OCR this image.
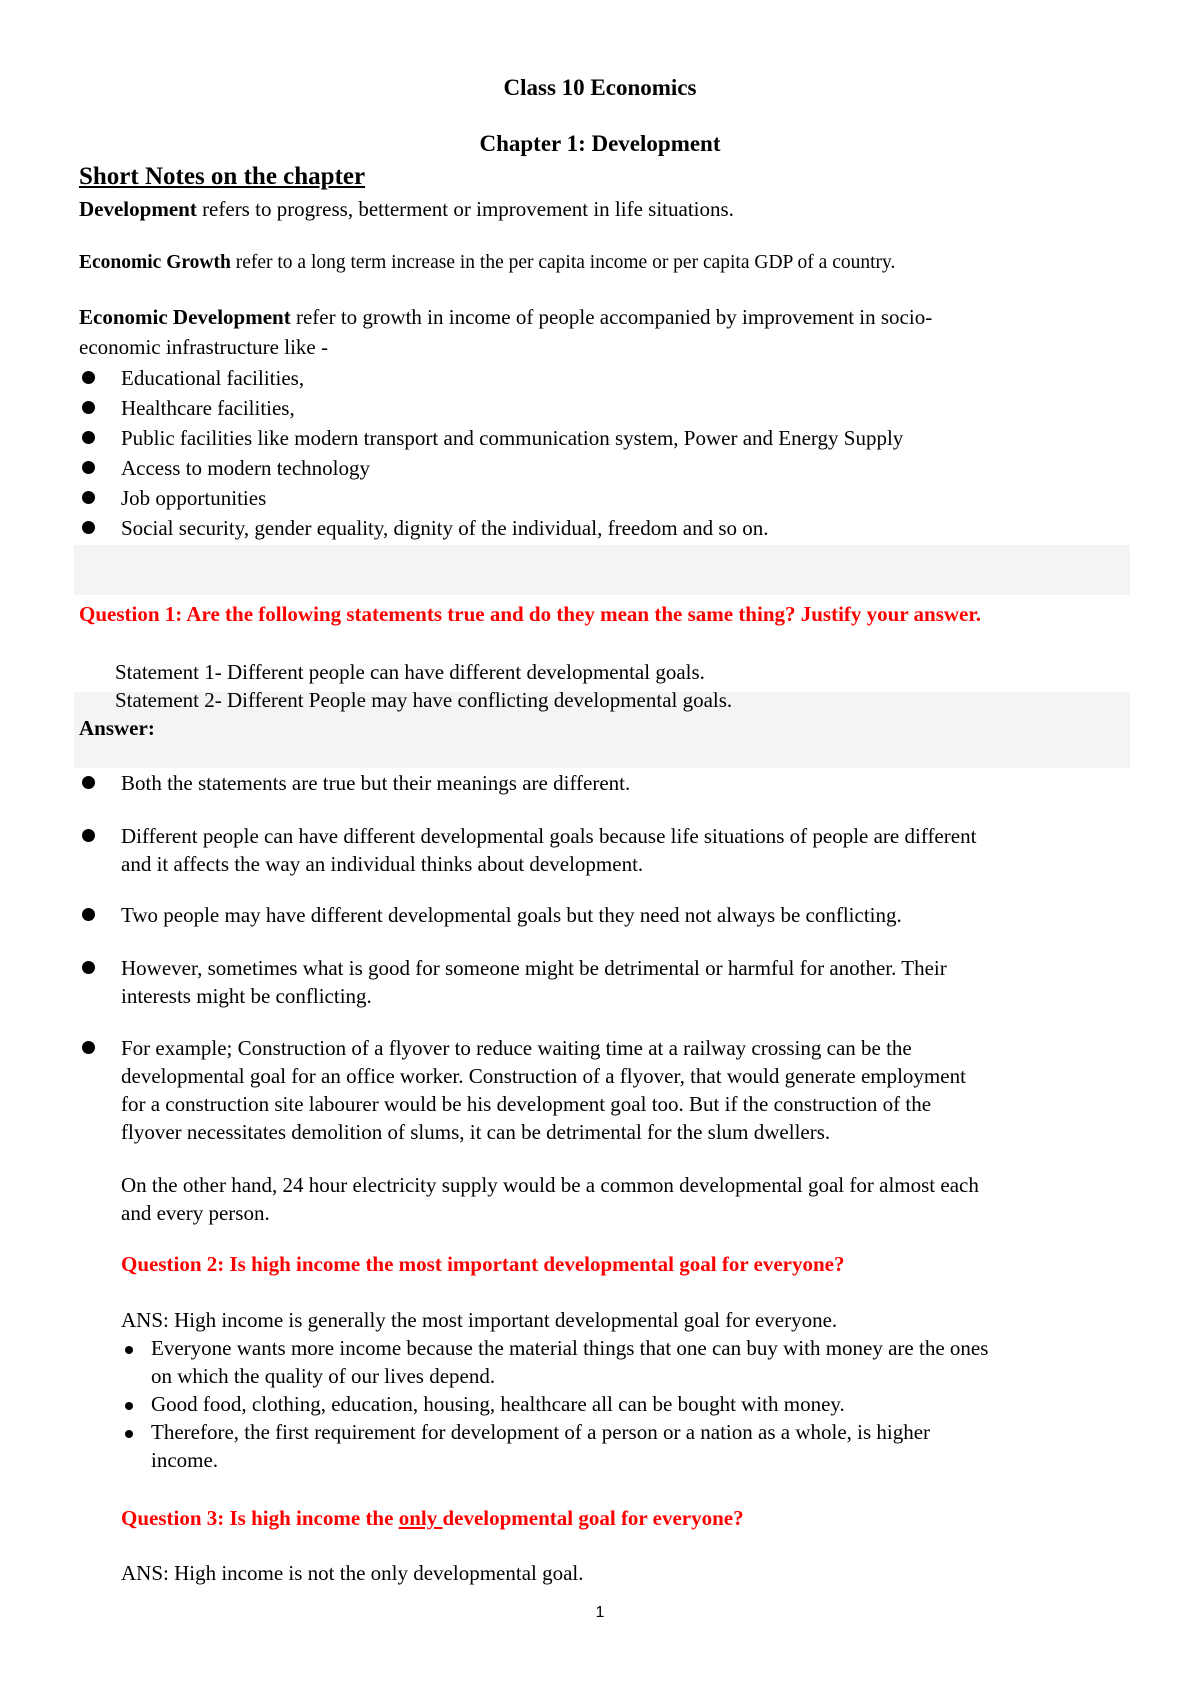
Class 10 Economics
Chapter 1: Development
Short Notes on the chapter
Development refers to progress, betterment or improvement in life situations.
Economic Growth refer to a long term increase in the per capita income or per capita GDP of a country.
Economic Development refer to growth in income of people accompanied by improvement in socio-
economic infrastructure like -
Educational facilities,
Healthcare facilities,
Public facilities like modern transport and communication system, Power and Energy Supply
Access to modern technology
Job opportunities
Social security, gender equality, dignity of the individual, freedom and so on.
Question 1: Are the following statements true and do they mean the same thing? Justify your answer.
Statement 1- Different people can have different developmental goals.
Statement 2- Different People may have conflicting developmental goals.
Answer:
Both the statements are true but their meanings are different.
Different people can have different developmental goals because life situations of people are different
and it affects the way an individual thinks about development.
Two people may have different developmental goals but they need not always be conflicting.
However, sometimes what is good for someone might be detrimental or harmful for another. Their
interests might be conflicting.
For example; Construction of a flyover to reduce waiting time at a railway crossing can be the
developmental goal for an office worker. Construction of a flyover, that would generate employment
for a construction site labourer would be his development goal too. But if the construction of the
flyover necessitates demolition of slums, it can be detrimental for the slum dwellers.
On the other hand, 24 hour electricity supply would be a common developmental goal for almost each
and every person.
Question 2: Is high income the most important developmental goal for everyone?
ANS: High income is generally the most important developmental goal for everyone.
Everyone wants more income because the material things that one can buy with money are the ones
on which the quality of our lives depend.
Good food, clothing, education, housing, healthcare all can be bought with money.
Therefore, the first requirement for development of a person or a nation as a whole, is higher
income.
Question 3: Is high income the only developmental goal for everyone?
ANS: High income is not the only developmental goal.
1
